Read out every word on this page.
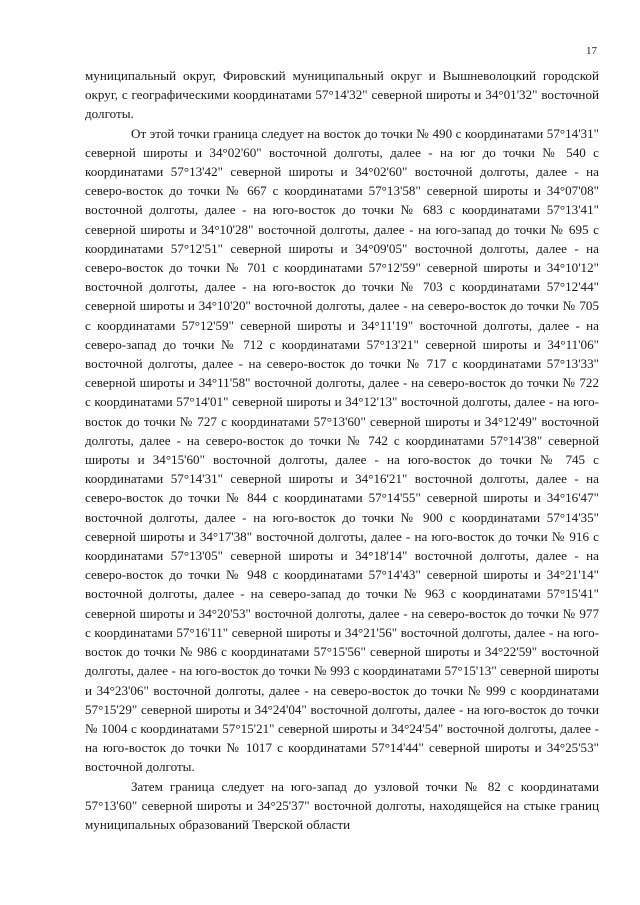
17

муниципальный округ, Фировский муниципальный округ и Вышневолоцкий городской округ, с географическими координатами 57°14'32" северной широты и 34°01'32" восточной долготы.

От этой точки граница следует на восток до точки № 490 с координатами 57°14'31" северной широты и 34°02'60" восточной долготы, далее - на юг до точки № 540 с координатами 57°13'42" северной широты и 34°02'60" восточной долготы, далее - на северо-восток до точки № 667 с координатами 57°13'58" северной широты и 34°07'08" восточной долготы, далее - на юго-восток до точки № 683 с координатами 57°13'41" северной широты и 34°10'28" восточной долготы, далее - на юго-запад до точки № 695 с координатами 57°12'51" северной широты и 34°09'05" восточной долготы, далее - на северо-восток до точки № 701 с координатами 57°12'59" северной широты и 34°10'12" восточной долготы, далее - на юго-восток до точки № 703 с координатами 57°12'44" северной широты и 34°10'20" восточной долготы, далее - на северо-восток до точки № 705 с координатами 57°12'59" северной широты и 34°11'19" восточной долготы, далее - на северо-запад до точки № 712 с координатами 57°13'21" северной широты и 34°11'06" восточной долготы, далее - на северо-восток до точки № 717 с координатами 57°13'33" северной широты и 34°11'58" восточной долготы, далее - на северо-восток до точки № 722 с координатами 57°14'01" северной широты и 34°12'13" восточной долготы, далее - на юго-восток до точки № 727 с координатами 57°13'60" северной широты и 34°12'49" восточной долготы, далее - на северо-восток до точки № 742 с координатами 57°14'38" северной широты и 34°15'60" восточной долготы, далее - на юго-восток до точки № 745 с координатами 57°14'31" северной широты и 34°16'21" восточной долготы, далее - на северо-восток до точки № 844 с координатами 57°14'55" северной широты и 34°16'47" восточной долготы, далее - на юго-восток до точки № 900 с координатами 57°14'35" северной широты и 34°17'38" восточной долготы, далее - на юго-восток до точки № 916 с координатами 57°13'05" северной широты и 34°18'14" восточной долготы, далее - на северо-восток до точки № 948 с координатами 57°14'43" северной широты и 34°21'14" восточной долготы, далее - на северо-запад до точки № 963 с координатами 57°15'41" северной широты и 34°20'53" восточной долготы, далее - на северо-восток до точки № 977 с координатами 57°16'11" северной широты и 34°21'56" восточной долготы, далее - на юго-восток до точки № 986 с координатами 57°15'56" северной широты и 34°22'59" восточной долготы, далее - на юго-восток до точки № 993 с координатами 57°15'13" северной широты и 34°23'06" восточной долготы, далее - на северо-восток до точки № 999 с координатами 57°15'29" северной широты и 34°24'04" восточной долготы, далее - на юго-восток до точки № 1004 с координатами 57°15'21" северной широты и 34°24'54" восточной долготы, далее - на юго-восток до точки № 1017 с координатами 57°14'44" северной широты и 34°25'53" восточной долготы.

Затем граница следует на юго-запад до узловой точки № 82 с координатами 57°13'60" северной широты и 34°25'37" восточной долготы, находящейся на стыке границ муниципальных образований Тверской области
